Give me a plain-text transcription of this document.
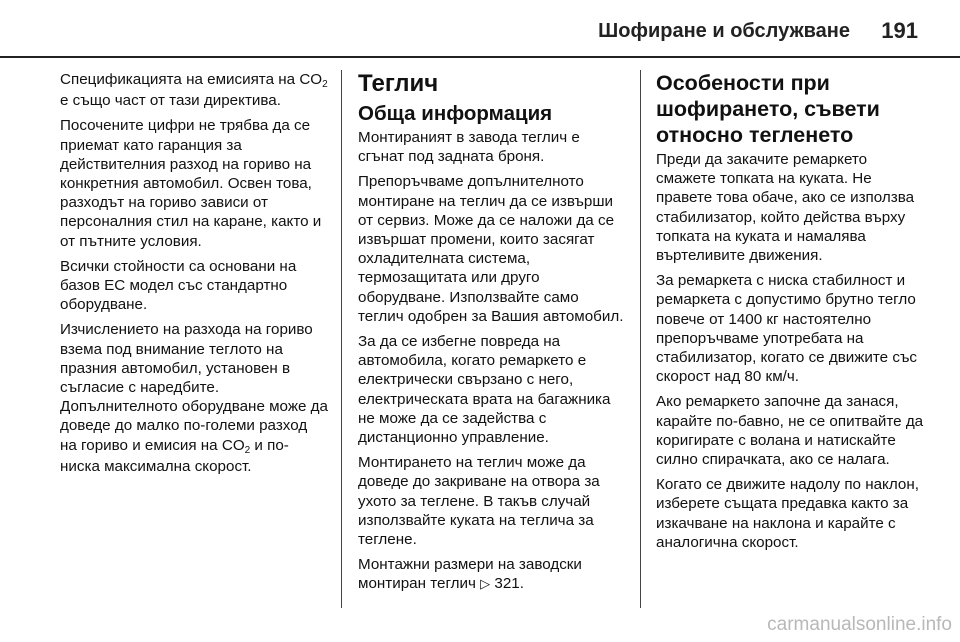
Шофиране и обслужване 191

Спецификацията на емисията на CO2 е също част от тази директива.

Посочените цифри не трябва да се приемат като гаранция за действителния разход на гориво на конкретния автомобил. Освен това, разходът на гориво зависи от персоналния стил на каране, както и от пътните условия.

Всички стойности са основани на базов ЕС модел със стандартно оборудване.

Изчислението на разхода на гориво взема под внимание теглото на празния автомобил, установен в съгласие с наредбите. Допълнителното оборудване може да доведе до малко по-големи разход на гориво и емисия на CO2 и по-ниска максимална скорост.

Теглич
Обща информация

Монтираният в завода теглич е сгънат под задната броня.

Препоръчваме допълнителното монтиране на теглич да се извърши от сервиз. Може да се наложи да се извършат промени, които засягат охладителната система, термозащитата или друго оборудване. Използвайте само теглич одобрен за Вашия автомобил.

За да се избегне повреда на автомобила, когато ремаркето е електрически свързано с него, електрическата врата на багажника не може да се задейства с дистанционно управление.

Монтирането на теглич може да доведе до закриване на отвора за ухото за теглене. В такъв случай използвайте куката на теглича за теглене.

Монтажни размери на заводски монтиран теглич ▷ 321.

Особености при шофирането, съвети относно тегленето

Преди да закачите ремаркето смажете топката на куката. Не правете това обаче, ако се използва стабилизатор, който действа върху топката на куката и намалява въртеливите движения.

За ремаркета с ниска стабилност и ремаркета с допустимо брутно тегло повече от 1400 кг настоятелно препоръчваме употребата на стабилизатор, когато се движите със скорост над 80 км/ч.

Ако ремаркето започне да занася, карайте по-бавно, не се опитвайте да коригирате с волана и натискайте силно спирачката, ако се налага.

Когато се движите надолу по наклон, изберете същата предавка както за изкачване на наклона и карайте с аналогична скорост.

carmanualsonline.info
